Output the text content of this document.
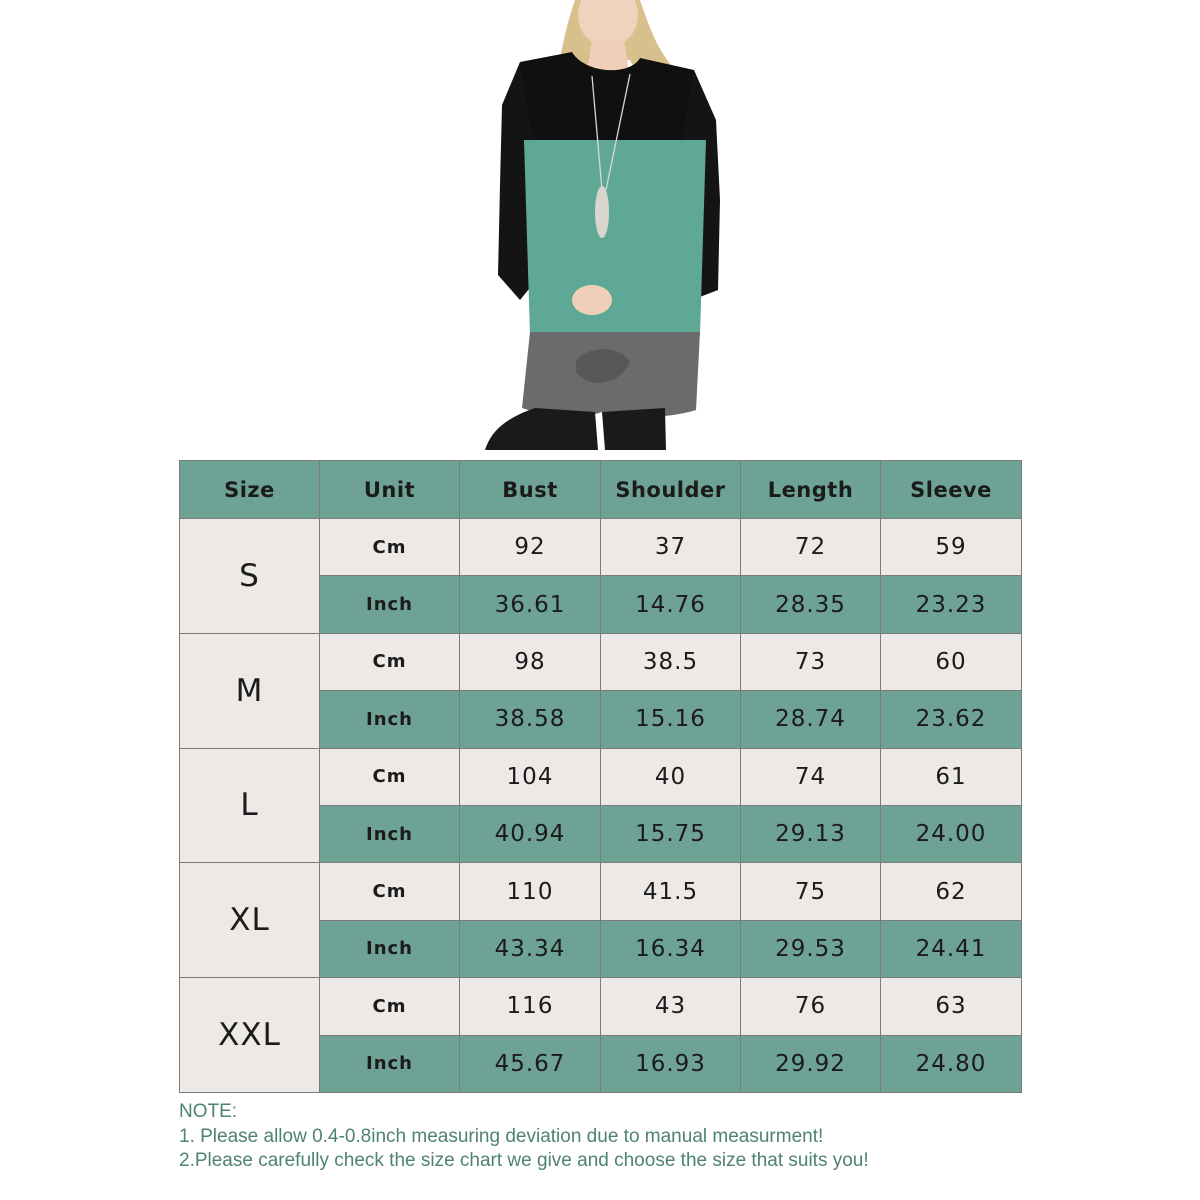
Size	Unit	Bust	Shoulder	Length	Sleeve
S	Cm	92	37	72	59
	Inch	36.61	14.76	28.35	23.23
M	Cm	98	38.5	73	60
	Inch	38.58	15.16	28.74	23.62
L	Cm	104	40	74	61
	Inch	40.94	15.75	29.13	24.00
XL	Cm	110	41.5	75	62
	Inch	43.34	16.34	29.53	24.41
XXL	Cm	116	43	76	63
	Inch	45.67	16.93	29.92	24.80
NOTE:
1. Please allow 0.4-0.8inch measuring deviation due to manual measurment!
2.Please carefully check the size chart we give and choose the size that suits you!
